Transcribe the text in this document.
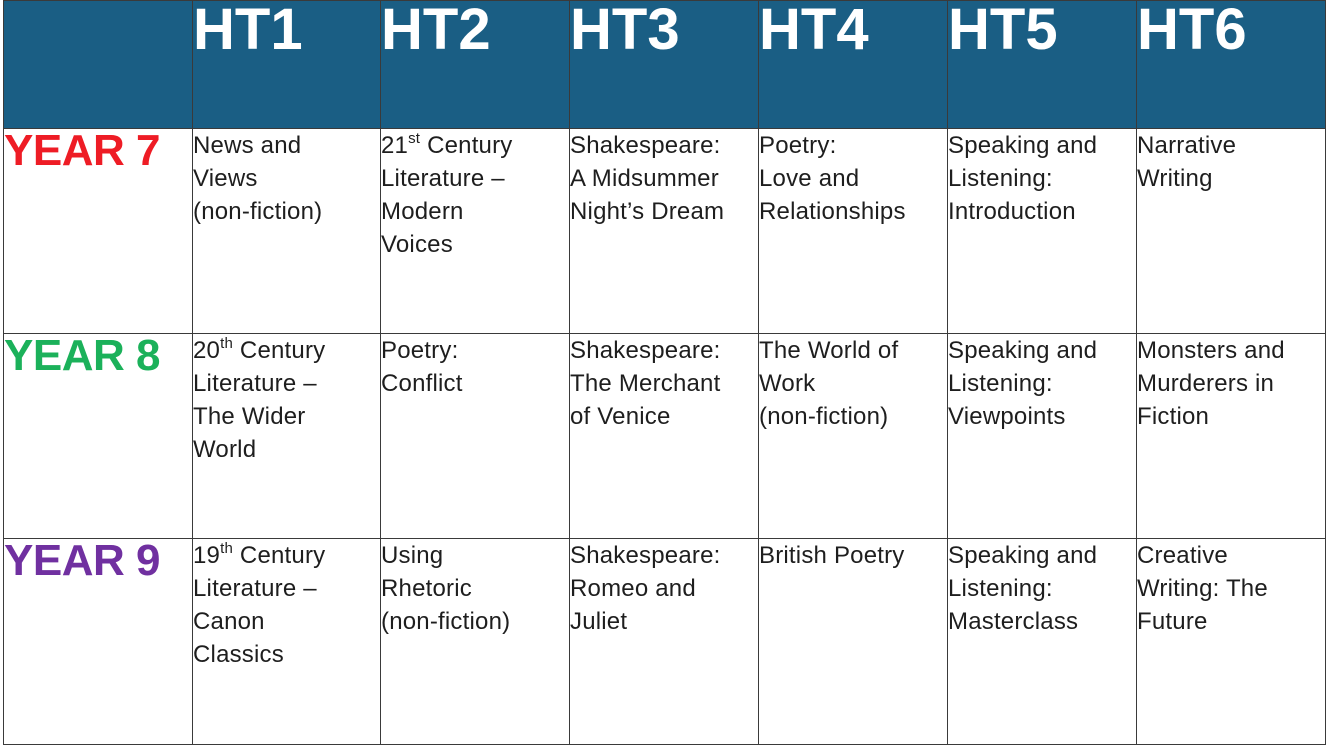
	HT1	HT2	HT3	HT4	HT5	HT6
YEAR 7	News and
Views
(non-fiction)	21st Century
Literature –
Modern
Voices	Shakespeare:
A Midsummer
Night’s Dream	Poetry:
Love and
Relationships	Speaking and
Listening:
Introduction	Narrative
Writing

YEAR 8	20th Century
Literature –
The Wider
World	Poetry:
Conflict	Shakespeare:
The Merchant
of Venice	The World of
Work
(non-fiction)	Speaking and
Listening:
Viewpoints	Monsters and
Murderers in
Fiction

YEAR 9	19th Century
Literature –
Canon
Classics	Using
Rhetoric
(non-fiction)	Shakespeare:
Romeo and
Juliet	British Poetry	Speaking and
Listening:
Masterclass	Creative
Writing: The
Future
